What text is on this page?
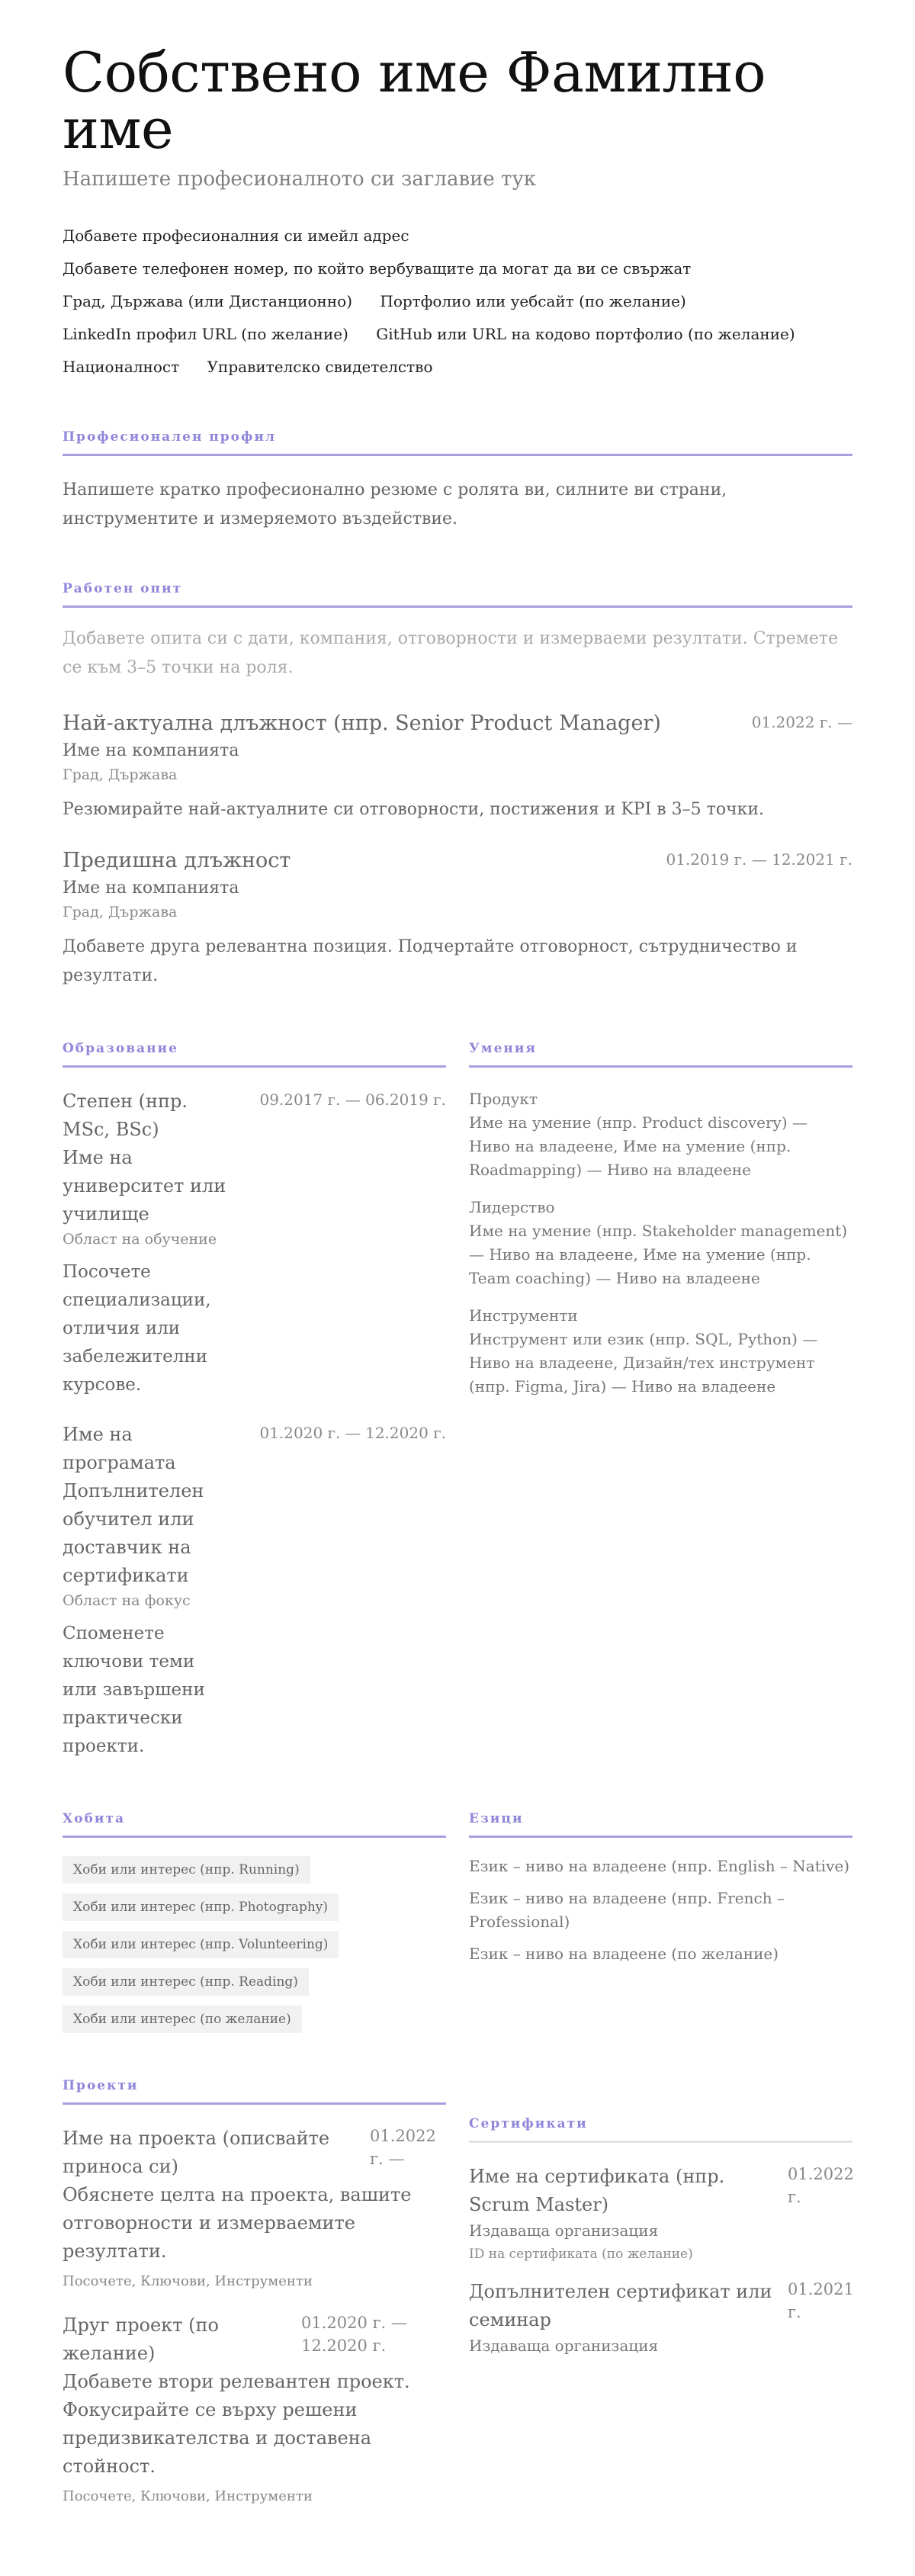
Собствено име Фамилно име
Напишете професионалното си заглавие тук
Добавете професионалния си имейл адрес
Добавете телефонен номер, по който вербуващите да могат да ви се свържат
Град, Държава (или Дистанционно) Портфолио или уебсайт (по желание)
LinkedIn профил URL (по желание) GitHub или URL на кодово портфолио (по желание)
Националност Управителско свидетелство
Професионален профил

Напишете кратко професионално резюме с ролята ви, силните ви страни, инструментите и измеряемото въздействие.

Работен опит

Добавете опита си с дати, компания, отговорности и измерваеми резултати. Стремете се към 3–5 точки на роля.

Най-актуална длъжност (нпр. Senior Product Manager)	01.2022 г. —
Име на компанията
Град, Държава
Резюмирайте най-актуалните си отговорности, постижения и KPI в 3–5 точки.
Предишна длъжност	01.2019 г. — 12.2021 г.
Име на компанията
Град, Държава
Добавете друга релевантна позиция. Подчертайте отговорност, сътрудничество и резултати.
Образование
Степен (нпр. MSc, BSc)
Име на университет или училище
Област на обучение
Посочете специализации, отличия или забележителни курсове.
09.2017 г. — 06.2019 г.
Име на програмата
Допълнителен обучител или доставчик на сертификати
Област на фокус
Споменете ключови теми или завършени практически проекти.
01.2020 г. — 12.2020 г.
Умения
Продукт
Име на умение (нпр. Product discovery) — Ниво на владеене, Име на умение (нпр. Roadmapping) — Ниво на владеене
Лидерство
Име на умение (нпр. Stakeholder management) — Ниво на владеене, Име на умение (нпр. Team coaching) — Ниво на владеене
Инструменти
Инструмент или език (нпр. SQL, Python) — Ниво на владеене, Дизайн/тех инструмент (нпр. Figma, Jira) — Ниво на владеене
Хобита
Хоби или интерес (нпр. Running)
Хоби или интерес (нпр. Photography)
Хоби или интерес (нпр. Volunteering)
Хоби или интерес (нпр. Reading)
Хоби или интерес (по желание)
Езици
Език – ниво на владеене (нпр. English – Native)
Език – ниво на владеене (нпр. French – Professional)
Език – ниво на владеене (по желание)
Проекти
Име на проекта (описвайте приноса си)
01.2022 г. —
Обяснете целта на проекта, вашите отговорности и измерваемите резултати.
Посочете, Ключови, Инструменти
Друг проект (по желание)
01.2020 г. — 12.2020 г.
Добавете втори релевантен проект. Фокусирайте се върху решени предизвикателства и доставена стойност.
Посочете, Ключови, Инструменти
Сертификати
Име на сертификата (нпр. Scrum Master)
Издаваща организация
ID на сертификата (по желание)
01.2022 г.
Допълнителен сертификат или семинар
Издаваща организация
01.2021 г.
